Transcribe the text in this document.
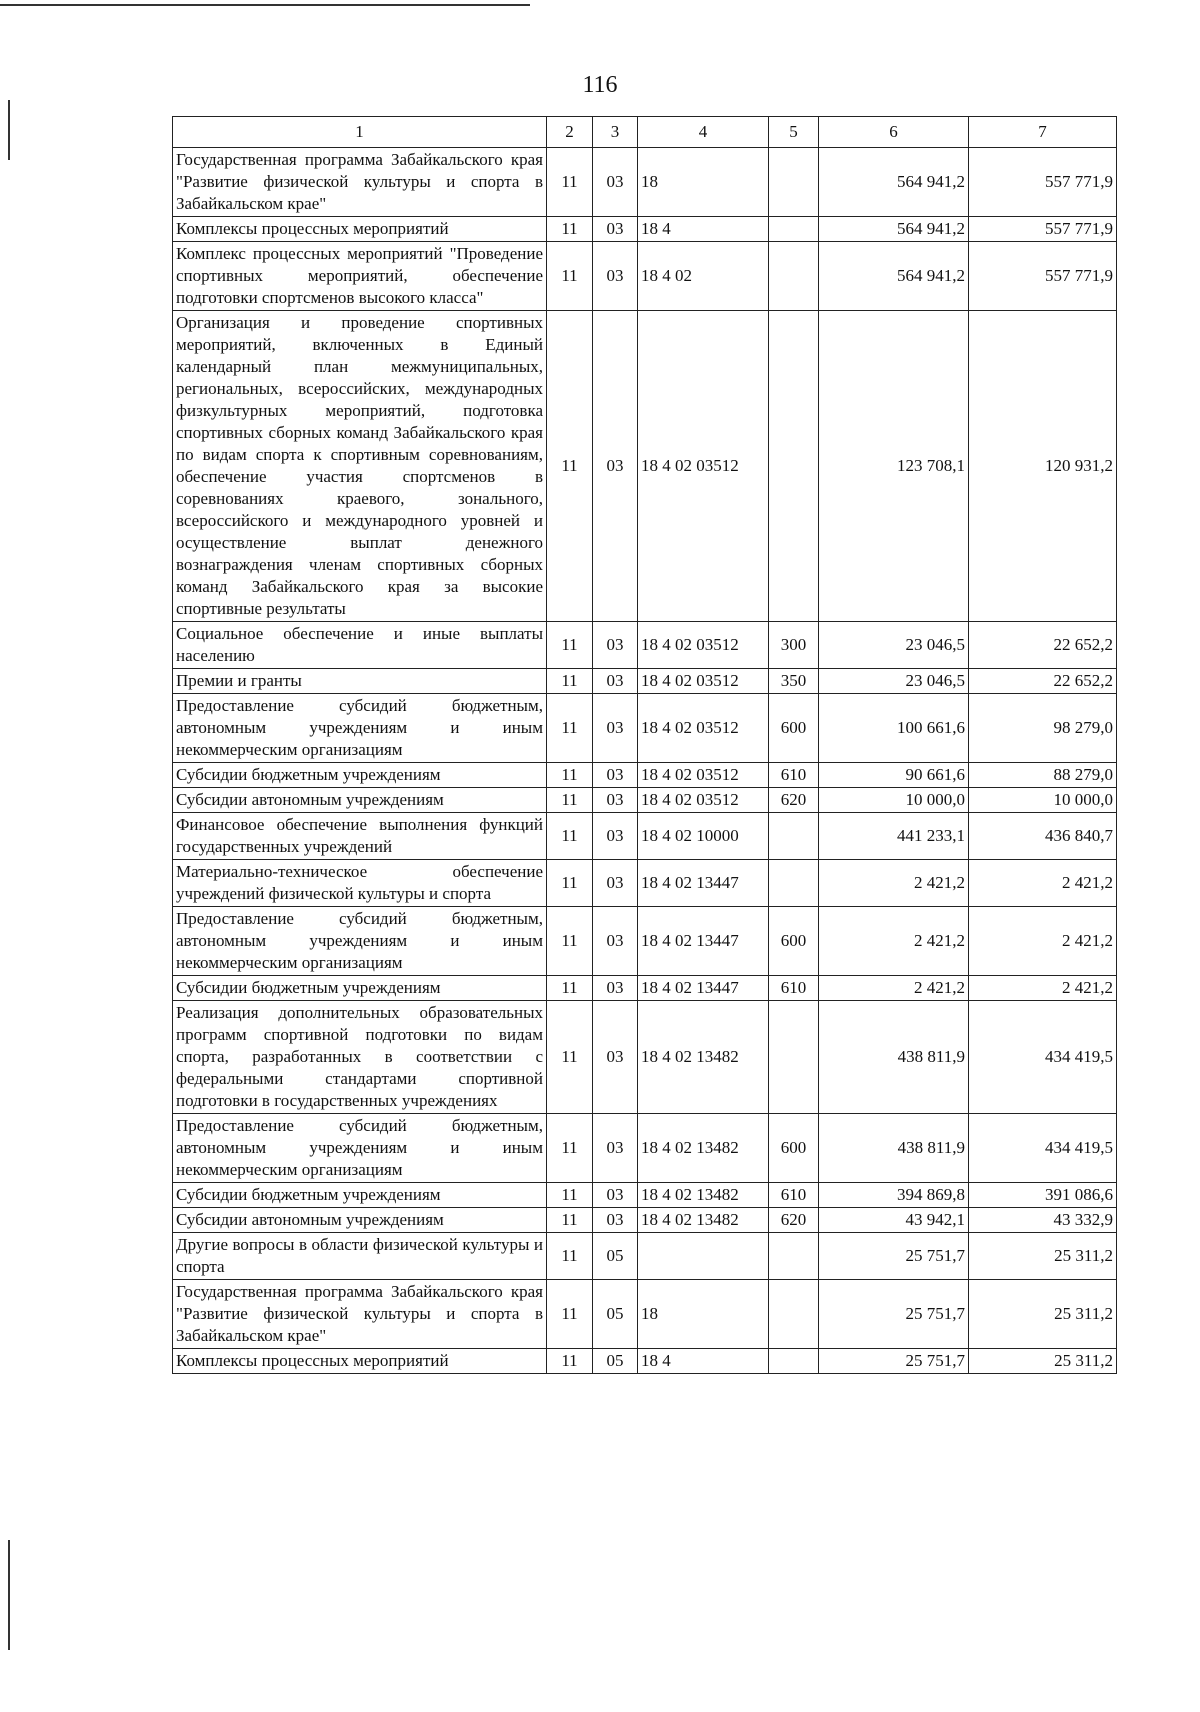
116
1	2	3	4	5	6	7
Государственная программа Забайкальского края "Развитие физической культуры и спорта в Забайкальском крае"	11	03	18		564 941,2	557 771,9
Комплексы процессных мероприятий	11	03	18 4		564 941,2	557 771,9
Комплекс процессных мероприятий "Проведение спортивных мероприятий, обеспечение подготовки спортсменов высокого класса"	11	03	18 4 02		564 941,2	557 771,9
Организация и проведение спортивных мероприятий, включенных в Единый календарный план межмуниципальных, региональных, всероссийских, международных физкультурных мероприятий, подготовка спортивных сборных команд Забайкальского края по видам спорта к спортивным соревнованиям, обеспечение участия спортсменов в соревнованиях краевого, зонального, всероссийского и международного уровней и осуществление выплат денежного вознаграждения членам спортивных сборных команд Забайкальского края за высокие спортивные результаты	11	03	18 4 02 03512		123 708,1	120 931,2
Социальное обеспечение и иные выплаты населению	11	03	18 4 02 03512	300	23 046,5	22 652,2
Премии и гранты	11	03	18 4 02 03512	350	23 046,5	22 652,2
Предоставление субсидий бюджетным, автономным учреждениям и иным некоммерческим организациям	11	03	18 4 02 03512	600	100 661,6	98 279,0
Субсидии бюджетным учреждениям	11	03	18 4 02 03512	610	90 661,6	88 279,0
Субсидии автономным учреждениям	11	03	18 4 02 03512	620	10 000,0	10 000,0
Финансовое обеспечение выполнения функций государственных учреждений	11	03	18 4 02 10000		441 233,1	436 840,7
Материально-техническое обеспечение учреждений физической культуры и спорта	11	03	18 4 02 13447		2 421,2	2 421,2
Предоставление субсидий бюджетным, автономным учреждениям и иным некоммерческим организациям	11	03	18 4 02 13447	600	2 421,2	2 421,2
Субсидии бюджетным учреждениям	11	03	18 4 02 13447	610	2 421,2	2 421,2
Реализация дополнительных образовательных программ спортивной подготовки по видам спорта, разработанных в соответствии с федеральными стандартами спортивной подготовки в государственных учреждениях	11	03	18 4 02 13482		438 811,9	434 419,5
Предоставление субсидий бюджетным, автономным учреждениям и иным некоммерческим организациям	11	03	18 4 02 13482	600	438 811,9	434 419,5
Субсидии бюджетным учреждениям	11	03	18 4 02 13482	610	394 869,8	391 086,6
Субсидии автономным учреждениям	11	03	18 4 02 13482	620	43 942,1	43 332,9
Другие вопросы в области физической культуры и спорта	11	05			25 751,7	25 311,2
Государственная программа Забайкальского края "Развитие физической культуры и спорта в Забайкальском крае"	11	05	18		25 751,7	25 311,2
Комплексы процессных мероприятий	11	05	18 4		25 751,7	25 311,2
